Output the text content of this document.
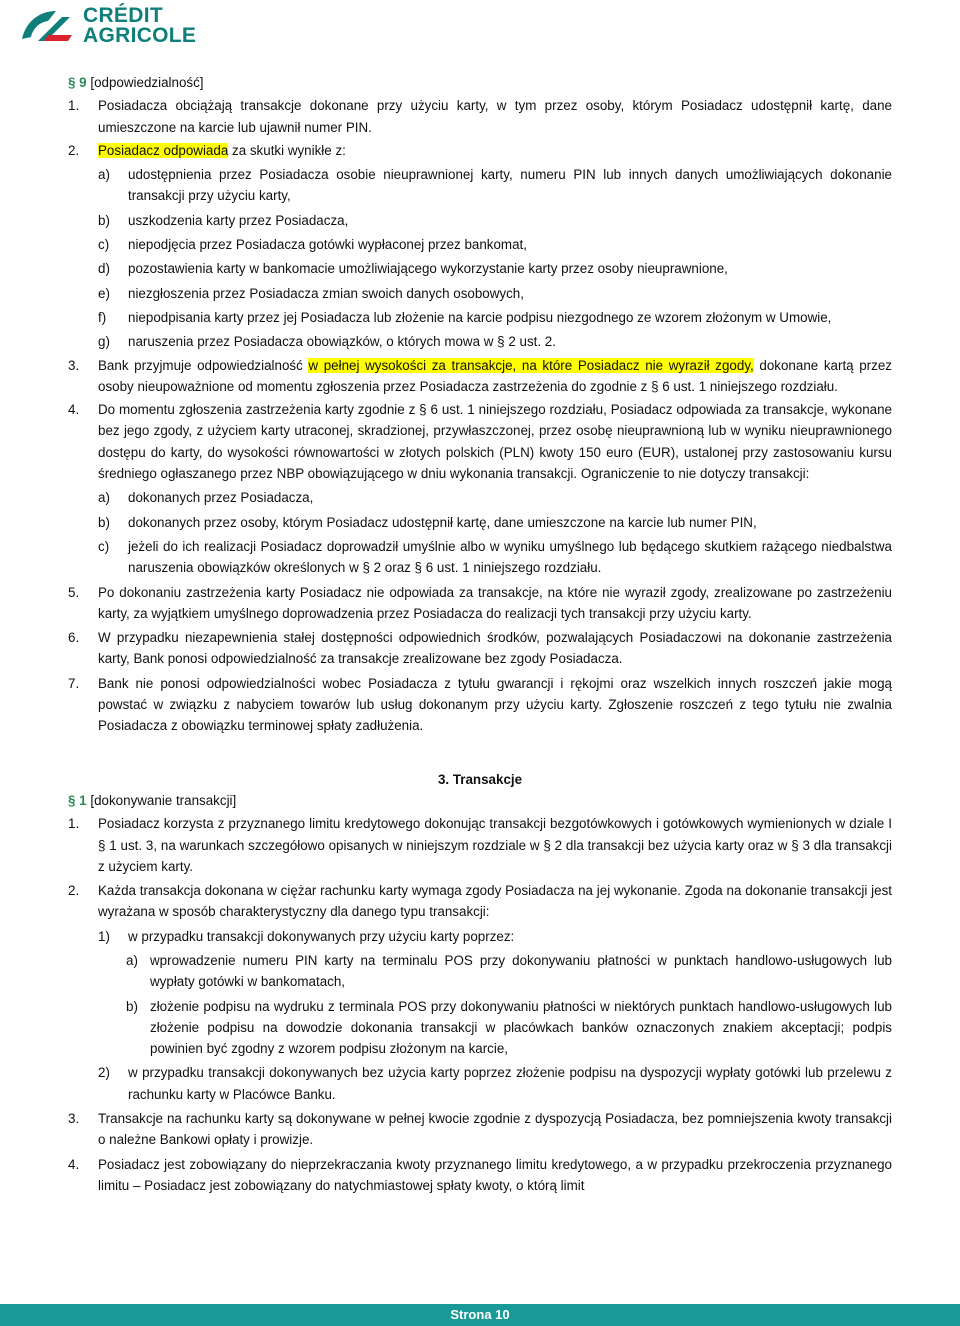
CRÉDIT
AGRICOLE

§ 9 [odpowiedzialność]

1. Posiadacza obciążają transakcje dokonane przy użyciu karty, w tym przez osoby, którym Posiadacz udostępnił kartę, dane umieszczone na karcie lub ujawnił numer PIN.
2. Posiadacz odpowiada za skutki wynikłe z:
a) udostępnienia przez Posiadacza osobie nieuprawnionej karty, numeru PIN lub innych danych umożliwiających dokonanie transakcji przy użyciu karty,
b) uszkodzenia karty przez Posiadacza,
c) niepodjęcia przez Posiadacza gotówki wypłaconej przez bankomat,
d) pozostawienia karty w bankomacie umożliwiającego wykorzystanie karty przez osoby nieuprawnione,
e) niezgłoszenia przez Posiadacza zmian swoich danych osobowych,
f) niepodpisania karty przez jej Posiadacza lub złożenie na karcie podpisu niezgodnego ze wzorem złożonym w Umowie,
g) naruszenia przez Posiadacza obowiązków, o których mowa w § 2 ust. 2.
3. Bank przyjmuje odpowiedzialność w pełnej wysokości za transakcje, na które Posiadacz nie wyraził zgody, dokonane kartą przez osoby nieupoważnione od momentu zgłoszenia przez Posiadacza zastrzeżenia do zgodnie z § 6 ust. 1 niniejszego rozdziału.
4. Do momentu zgłoszenia zastrzeżenia karty zgodnie z § 6 ust. 1 niniejszego rozdziału, Posiadacz odpowiada za transakcje, wykonane bez jego zgody, z użyciem karty utraconej, skradzionej, przywłaszczonej, przez osobę nieuprawnioną lub w wyniku nieuprawnionego dostępu do karty, do wysokości równowartości w złotych polskich (PLN) kwoty 150 euro (EUR), ustalonej przy zastosowaniu kursu średniego ogłaszanego przez NBP obowiązującego w dniu wykonania transakcji. Ograniczenie to nie dotyczy transakcji:
a) dokonanych przez Posiadacza,
b) dokonanych przez osoby, którym Posiadacz udostępnił kartę, dane umieszczone na karcie lub numer PIN,
c) jeżeli do ich realizacji Posiadacz doprowadził umyślnie albo w wyniku umyślnego lub będącego skutkiem rażącego niedbalstwa naruszenia obowiązków określonych w § 2 oraz § 6 ust. 1 niniejszego rozdziału.
5. Po dokonaniu zastrzeżenia karty Posiadacz nie odpowiada za transakcje, na które nie wyraził zgody, zrealizowane po zastrzeżeniu karty, za wyjątkiem umyślnego doprowadzenia przez Posiadacza do realizacji tych transakcji przy użyciu karty.
6. W przypadku niezapewnienia stałej dostępności odpowiednich środków, pozwalających Posiadaczowi na dokonanie zastrzeżenia karty, Bank ponosi odpowiedzialność za transakcje zrealizowane bez zgody Posiadacza.
7. Bank nie ponosi odpowiedzialności wobec Posiadacza z tytułu gwarancji i rękojmi oraz wszelkich innych roszczeń jakie mogą powstać w związku z nabyciem towarów lub usług dokonanym przy użyciu karty. Zgłoszenie roszczeń z tego tytułu nie zwalnia Posiadacza z obowiązku terminowej spłaty zadłużenia.
3. Transakcje

§ 1 [dokonywanie transakcji]

1. Posiadacz korzysta z przyznanego limitu kredytowego dokonując transakcji bezgotówkowych i gotówkowych wymienionych w dziale I § 1 ust. 3, na warunkach szczegółowo opisanych w niniejszym rozdziale w § 2 dla transakcji bez użycia karty oraz w § 3 dla transakcji z użyciem karty.
2. Każda transakcja dokonana w ciężar rachunku karty wymaga zgody Posiadacza na jej wykonanie. Zgoda na dokonanie transakcji jest wyrażana w sposób charakterystyczny dla danego typu transakcji:
1) w przypadku transakcji dokonywanych przy użyciu karty poprzez:
a) wprowadzenie numeru PIN karty na terminalu POS przy dokonywaniu płatności w punktach handlowo-usługowych lub wypłaty gotówki w bankomatach,
b) złożenie podpisu na wydruku z terminala POS przy dokonywaniu płatności w niektórych punktach handlowo-usługowych lub złożenie podpisu na dowodzie dokonania transakcji w placówkach banków oznaczonych znakiem akceptacji; podpis powinien być zgodny z wzorem podpisu złożonym na karcie,
2) w przypadku transakcji dokonywanych bez użycia karty poprzez złożenie podpisu na dyspozycji wypłaty gotówki lub przelewu z rachunku karty w Placówce Banku.
3. Transakcje na rachunku karty są dokonywane w pełnej kwocie zgodnie z dyspozycją Posiadacza, bez pomniejszenia kwoty transakcji o należne Bankowi opłaty i prowizje.
4. Posiadacz jest zobowiązany do nieprzekraczania kwoty przyznanego limitu kredytowego, a w przypadku przekroczenia przyznanego limitu – Posiadacz jest zobowiązany do natychmiastowej spłaty kwoty, o którą limit
Strona 10
